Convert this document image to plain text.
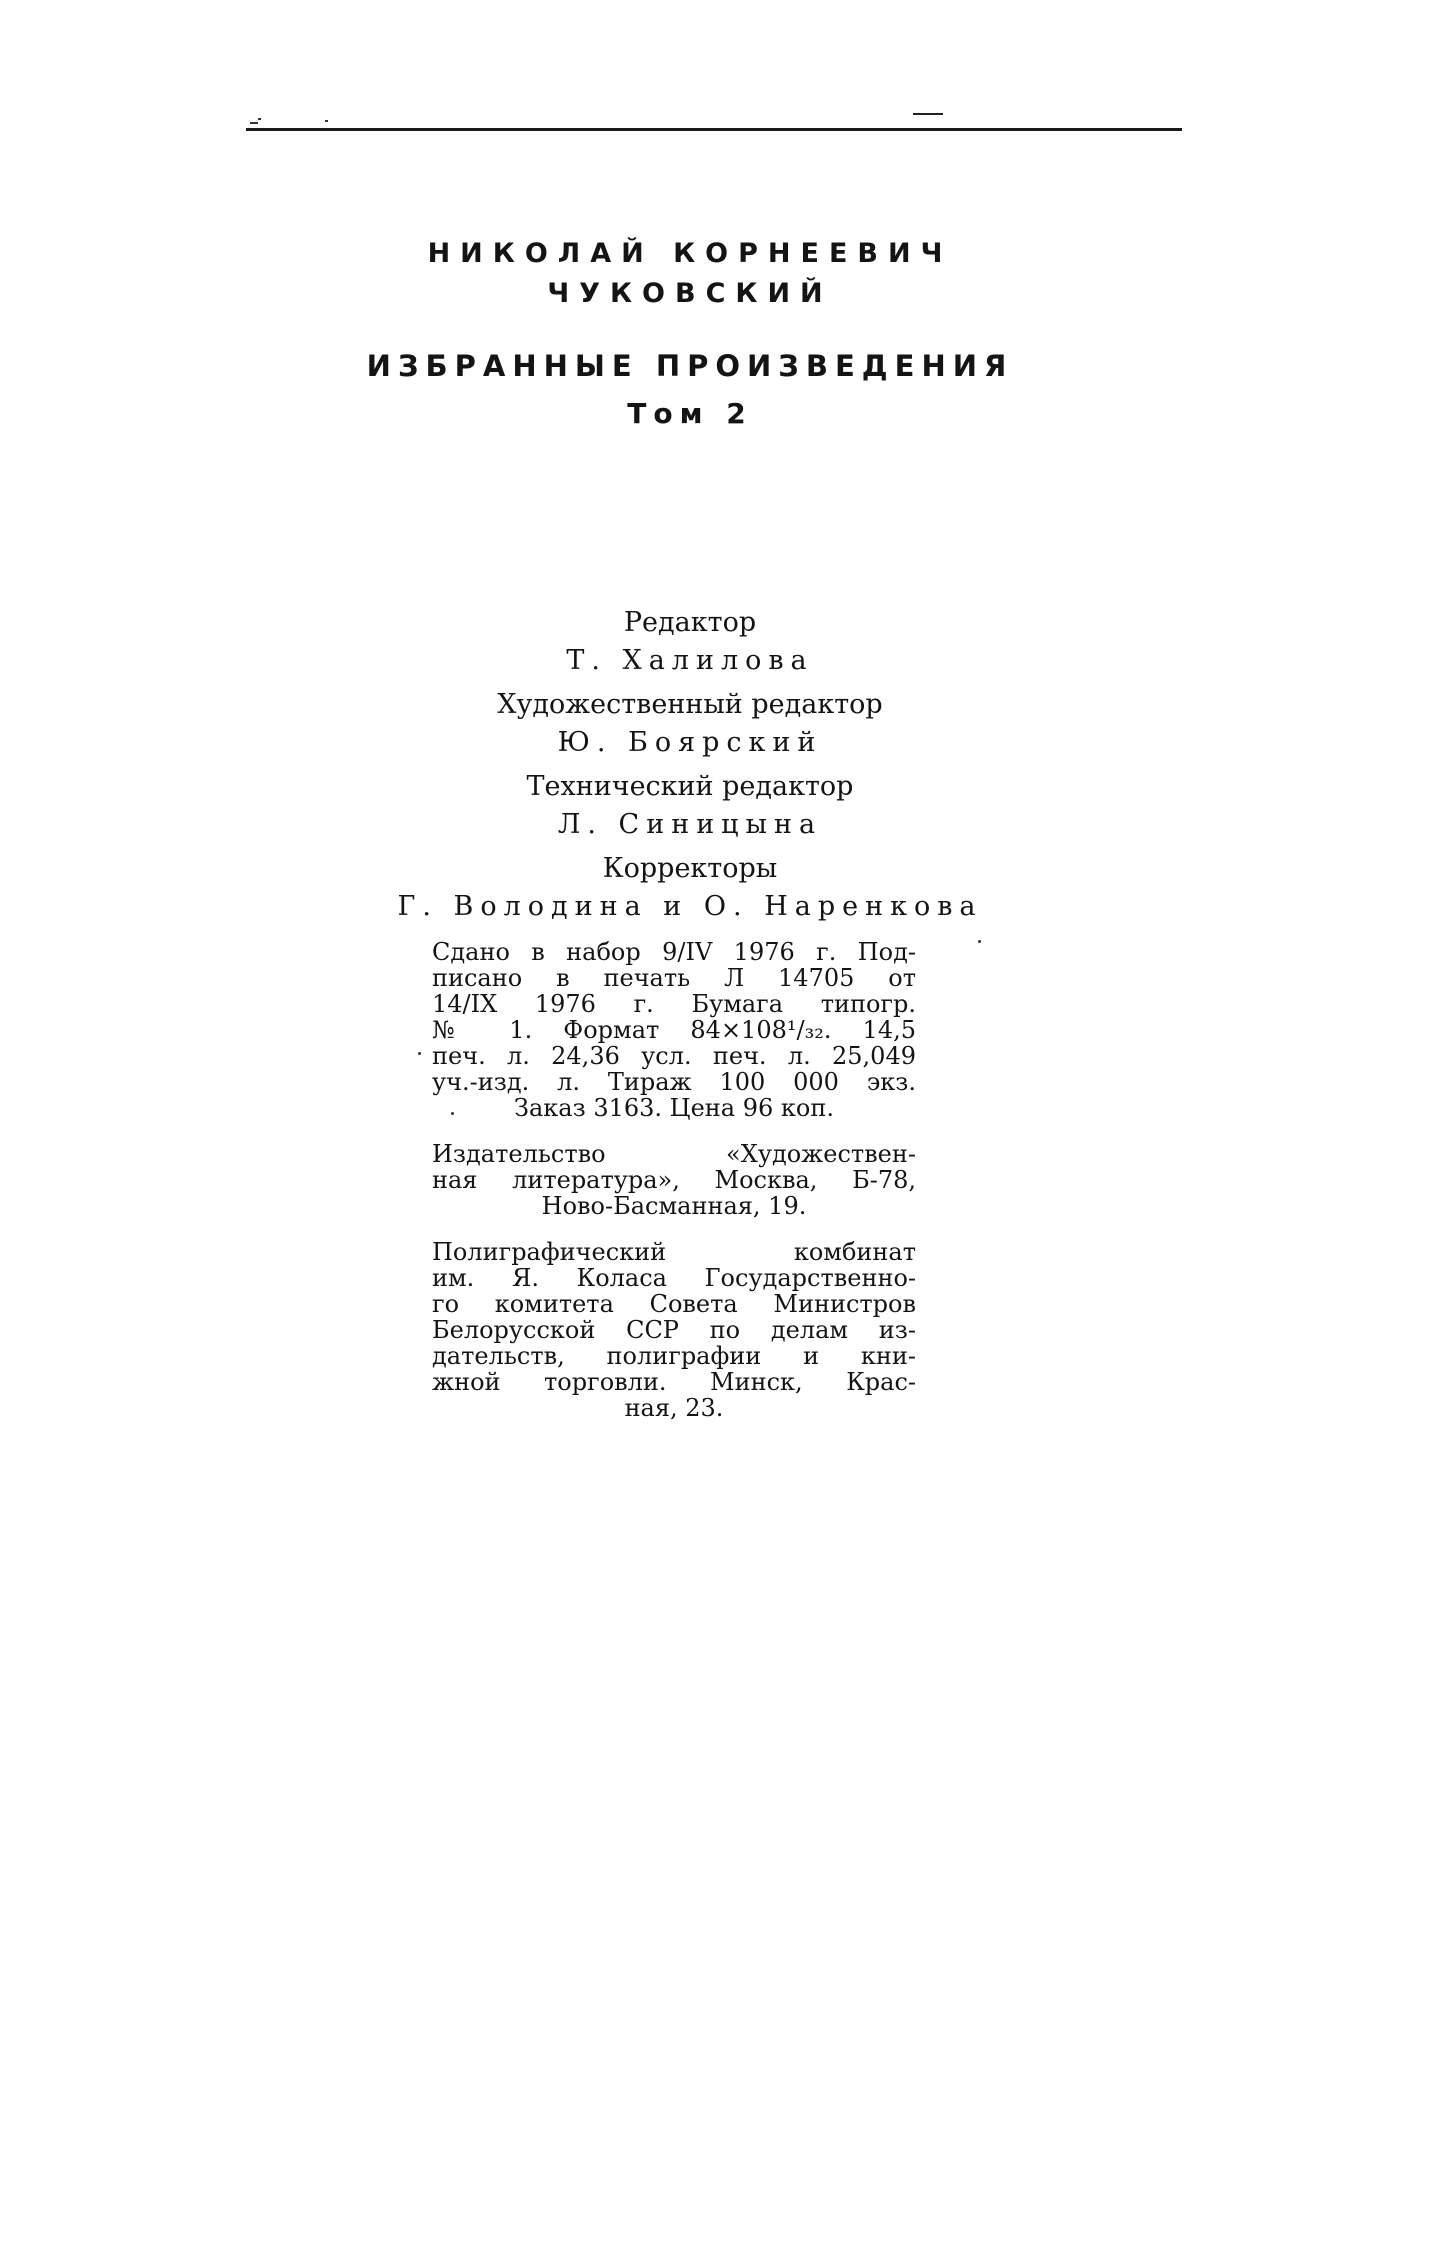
НИКОЛАЙ КОРНЕЕВИЧ
ЧУКОВСКИЙ
ИЗБРАННЫЕ ПРОИЗВЕДЕНИЯ
Том 2
Редактор
Т. Халилова
Художественный редактор
Ю. Боярский
Технический редактор
Л. Синицына
Корректоры
Г. Володина и О. Наренкова

Сдано в набор 9/IV 1976 г. Под-
писано в печать Л 14705 от
14/IX 1976 г. Бумага типогр.
№ 1. Формат 84×108¹/₃₂. 14,5
печ. л. 24,36 усл. печ. л. 25,049
уч.-изд. л. Тираж 100 000 экз.
Заказ 3163. Цена 96 коп.

Издательство «Художествен-
ная литература», Москва, Б-78,
Ново-Басманная, 19.

Полиграфический комбинат
им. Я. Коласа Государственно-
го комитета Совета Министров
Белорусской ССР по делам из-
дательств, полиграфии и кни-
жной торговли. Минск, Крас-
ная, 23.
